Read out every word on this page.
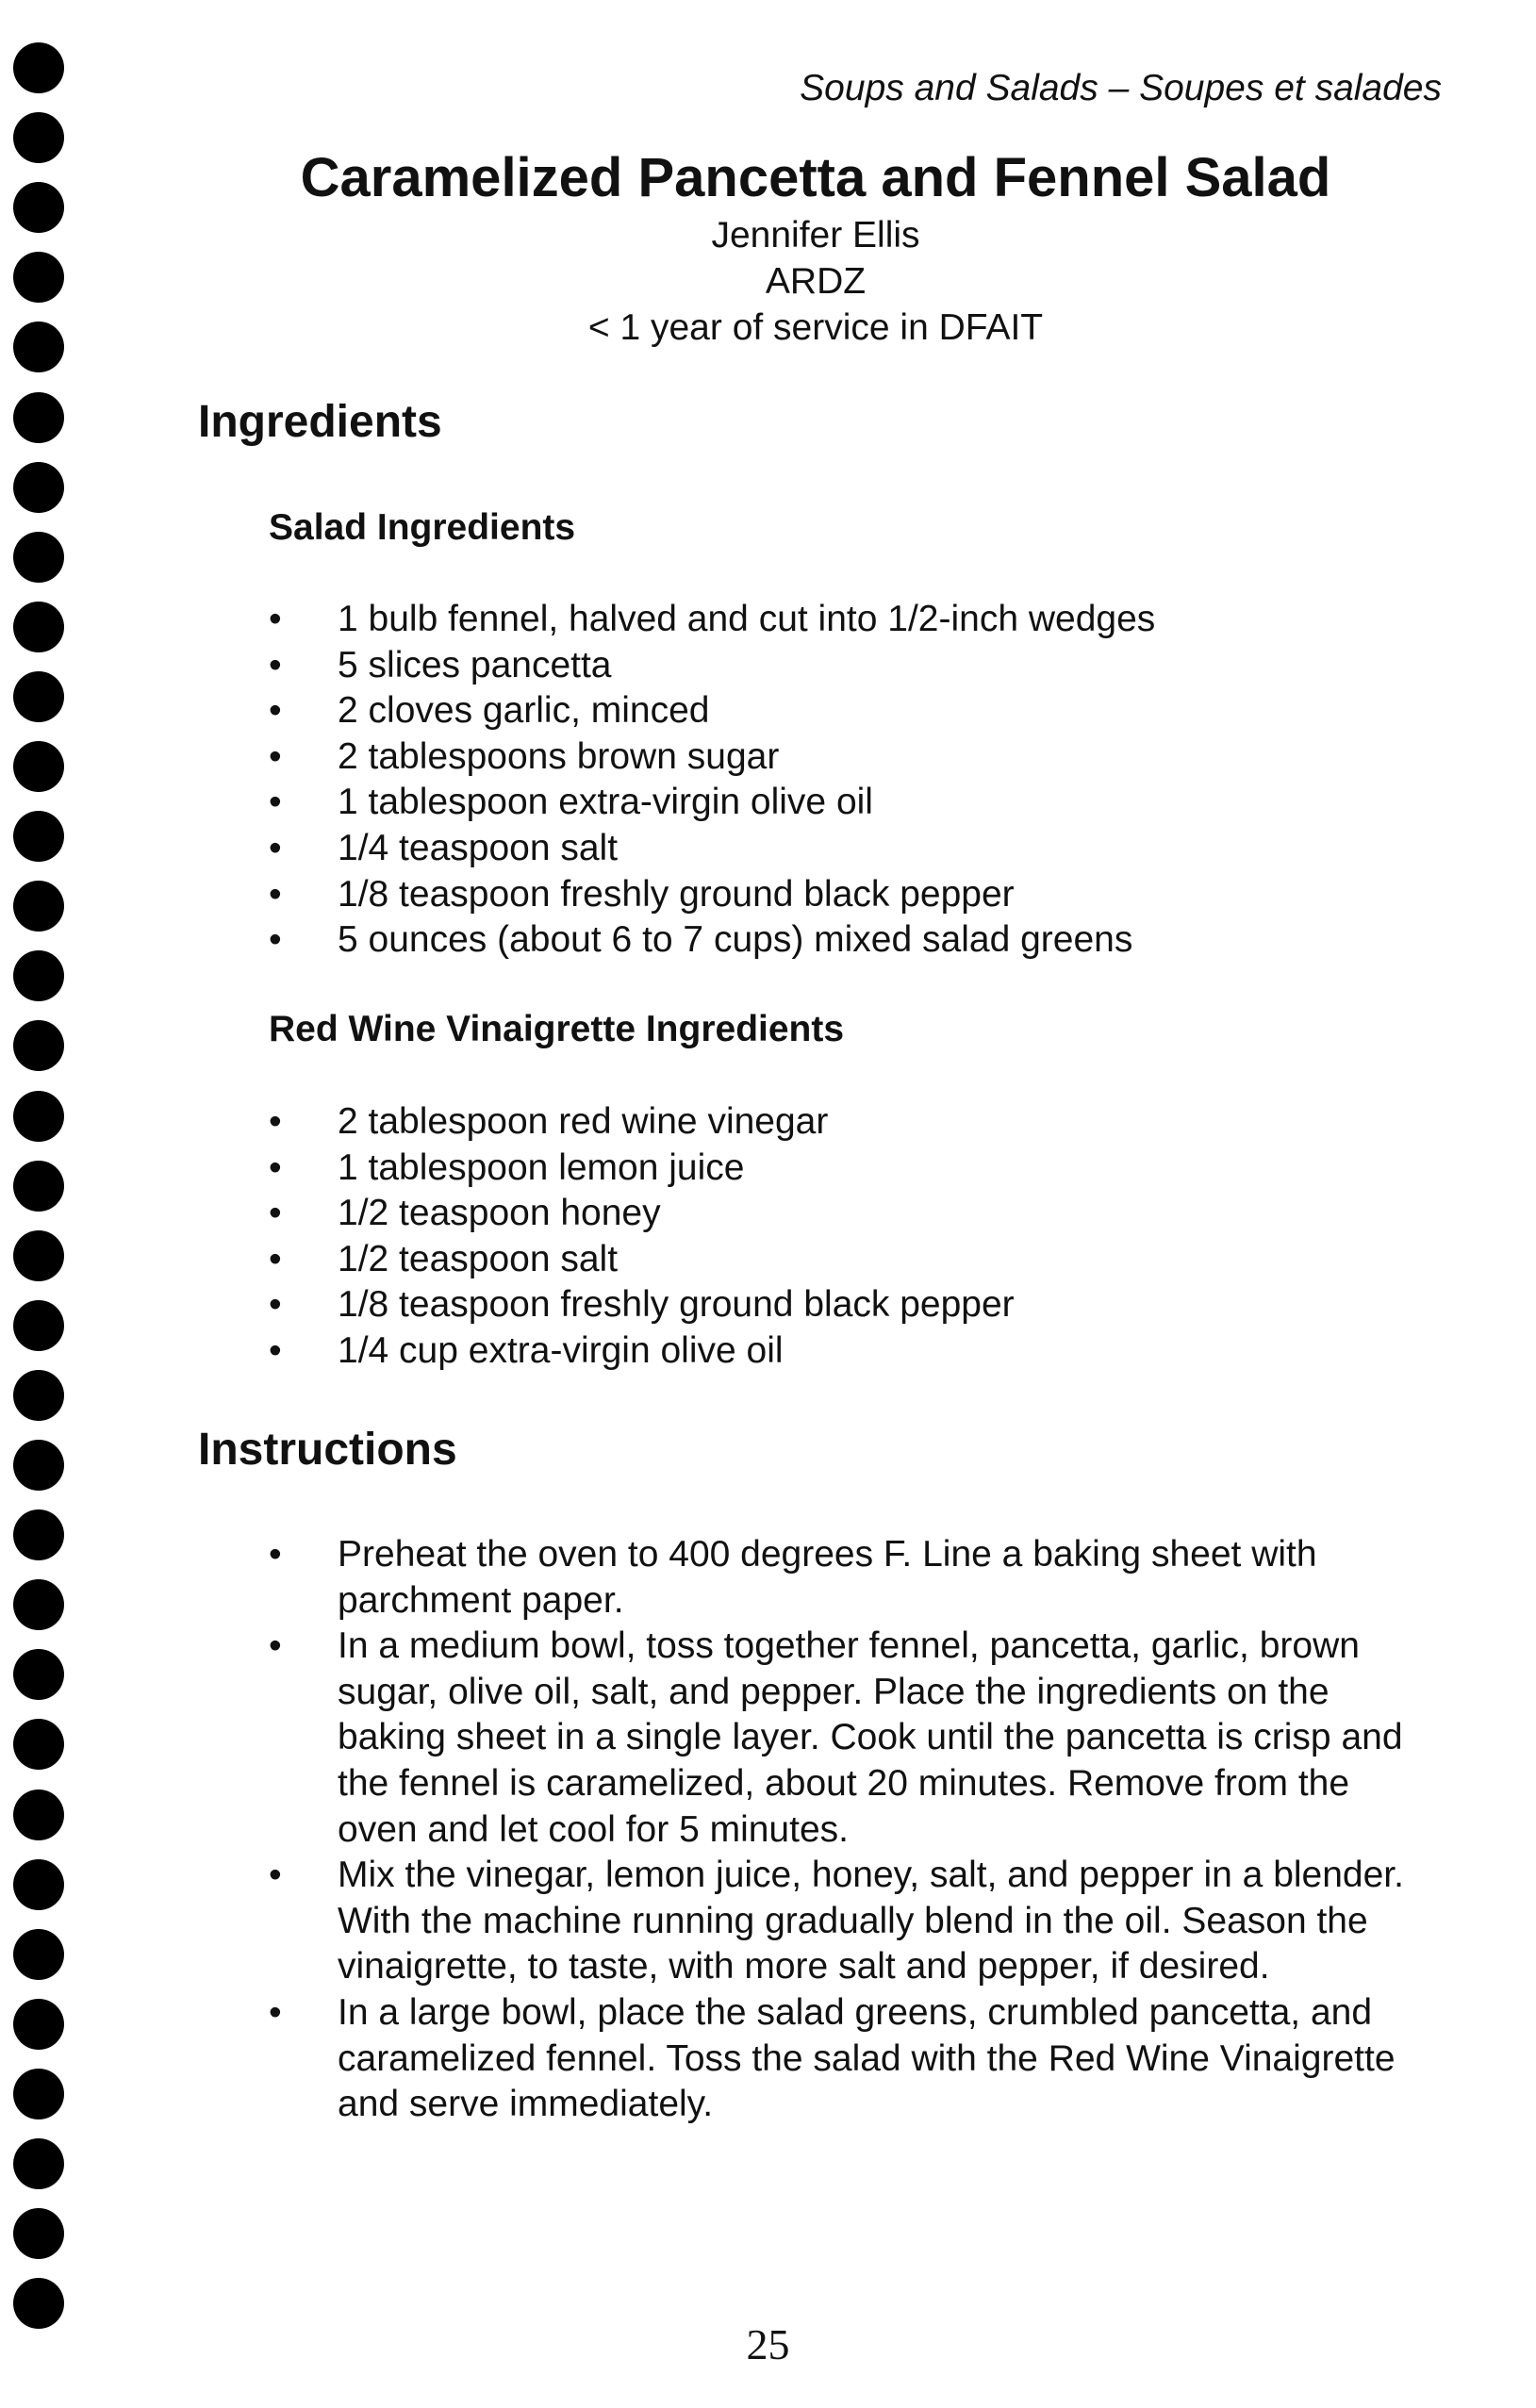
Soups and Salads – Soupes et salades
Caramelized Pancetta and Fennel Salad

Jennifer Ellis

ARDZ

< 1 year of service in DFAIT

Ingredients
Salad Ingredients
• 1 bulb fennel, halved and cut into 1/2-inch wedges
• 5 slices pancetta
• 2 cloves garlic, minced
• 2 tablespoons brown sugar
• 1 tablespoon extra-virgin olive oil
• 1/4 teaspoon salt
• 1/8 teaspoon freshly ground black pepper
• 5 ounces (about 6 to 7 cups) mixed salad greens
Red Wine Vinaigrette Ingredients
• 2 tablespoon red wine vinegar
• 1 tablespoon lemon juice
• 1/2 teaspoon honey
• 1/2 teaspoon salt
• 1/8 teaspoon freshly ground black pepper
• 1/4 cup extra-virgin olive oil
Instructions
• Preheat the oven to 400 degrees F. Line a baking sheet with parchment paper.
• In a medium bowl, toss together fennel, pancetta, garlic, brown sugar, olive oil, salt, and pepper. Place the ingredients on the baking sheet in a single layer. Cook until the pancetta is crisp and the fennel is caramelized, about 20 minutes. Remove from the oven and let cool for 5 minutes.
• Mix the vinegar, lemon juice, honey, salt, and pepper in a blender. With the machine running gradually blend in the oil. Season the vinaigrette, to taste, with more salt and pepper, if desired.
• In a large bowl, place the salad greens, crumbled pancetta, and caramelized fennel. Toss the salad with the Red Wine Vinaigrette and serve immediately.
25
